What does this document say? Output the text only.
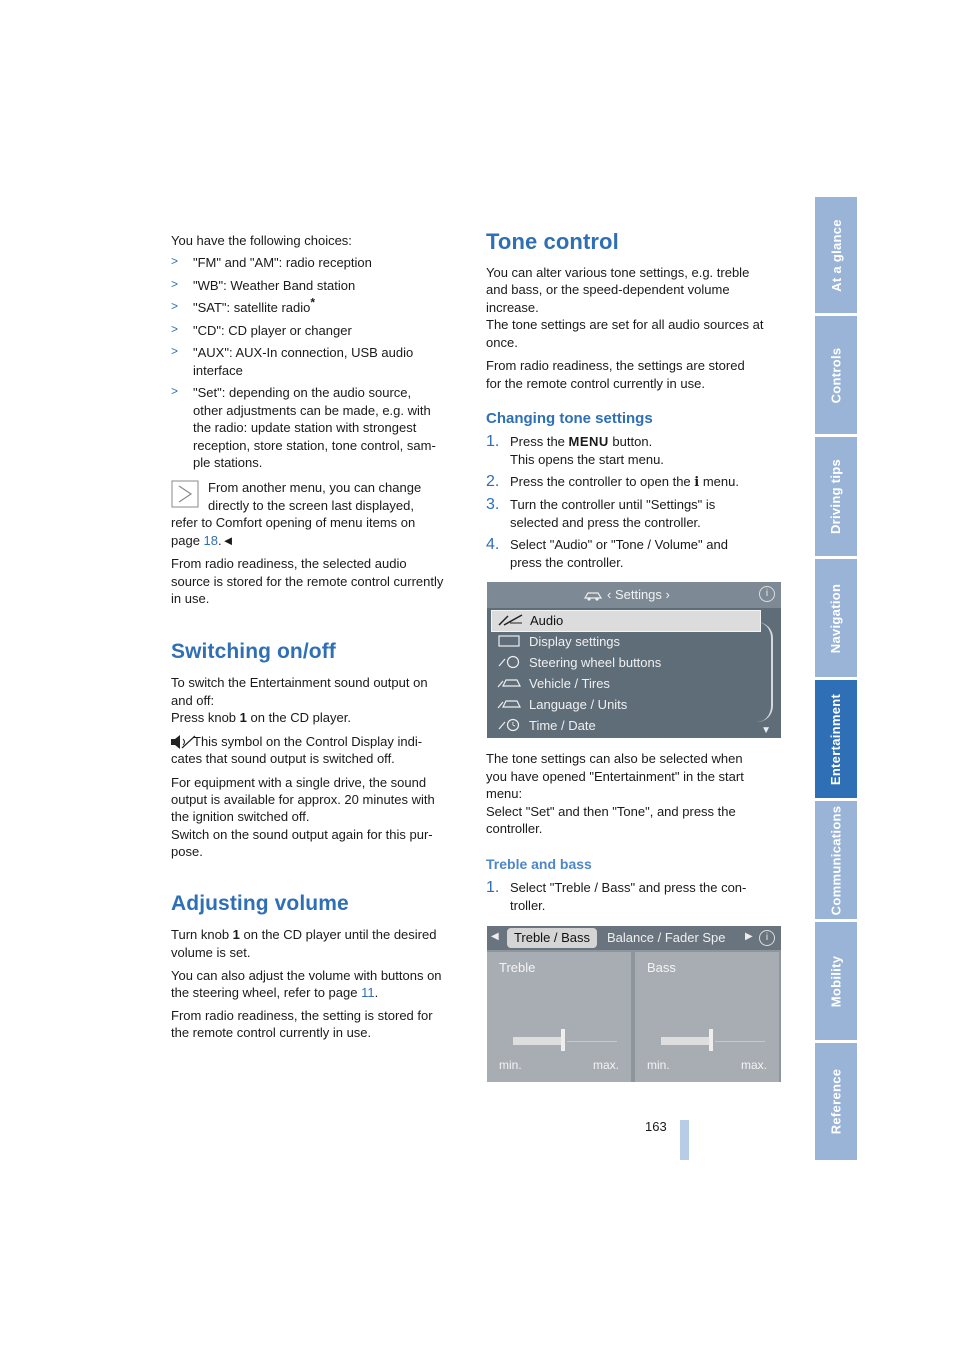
You have the following choices:

>	"FM" and "AM": radio reception

>	"WB": Weather Band station

>	"SAT": satellite radio*

>	"CD": CD player or changer

>	"AUX": AUX-In connection, USB audio

interface

>	"Set": depending on the audio source,

other adjustments can be made, e.g. with

the radio: update station with strongest

reception, store station, tone control, sam-

ple stations.

From another menu, you can change

directly to the screen last displayed,

refer to Comfort opening of menu items on

page 18.◄

From radio readiness, the selected audio

source is stored for the remote control currently

in use.

Switching on/off

To switch the Entertainment sound output on

and off:

Press knob 1 on the CD player.

This symbol on the Control Display indi-

cates that sound output is switched off.

For equipment with a single drive, the sound

output is available for approx. 20 minutes with

the ignition switched off.

Switch on the sound output again for this pur-

pose.

Adjusting volume

Turn knob 1 on the CD player until the desired

volume is set.

You can also adjust the volume with buttons on

the steering wheel, refer to page 11.

From radio readiness, the setting is stored for

the remote control currently in use.

Tone control

You can alter various tone settings, e.g. treble

and bass, or the speed-dependent volume

increase.

The tone settings are set for all audio sources at

once.

From radio readiness, the settings are stored

for the remote control currently in use.

Changing tone settings
1. Press the MENU button.

This opens the start menu.

2. Press the controller to open the i menu.

3. Turn the controller until "Settings" is

selected and press the controller.

4. Select "Audio" or "Tone / Volume" and

press the controller.

The tone settings can also be selected when

you have opened "Entertainment" in the start

menu:

Select "Set" and then "Tone", and press the

controller.

Treble and bass
1. Select "Treble / Bass" and press the con-

troller.

‹ Settings ›	i
Audio
Display settings
Steering wheel buttons
Vehicle / Tires
Language / Units
Time / Date	▼
◀	Treble / Bass	Balance / Fader Spe ▶	i
Treble
min.	max.
Bass
min.	max.
At a glance
Controls
Driving tips
Navigation
Entertainment
Communications
Mobility
Reference
163
